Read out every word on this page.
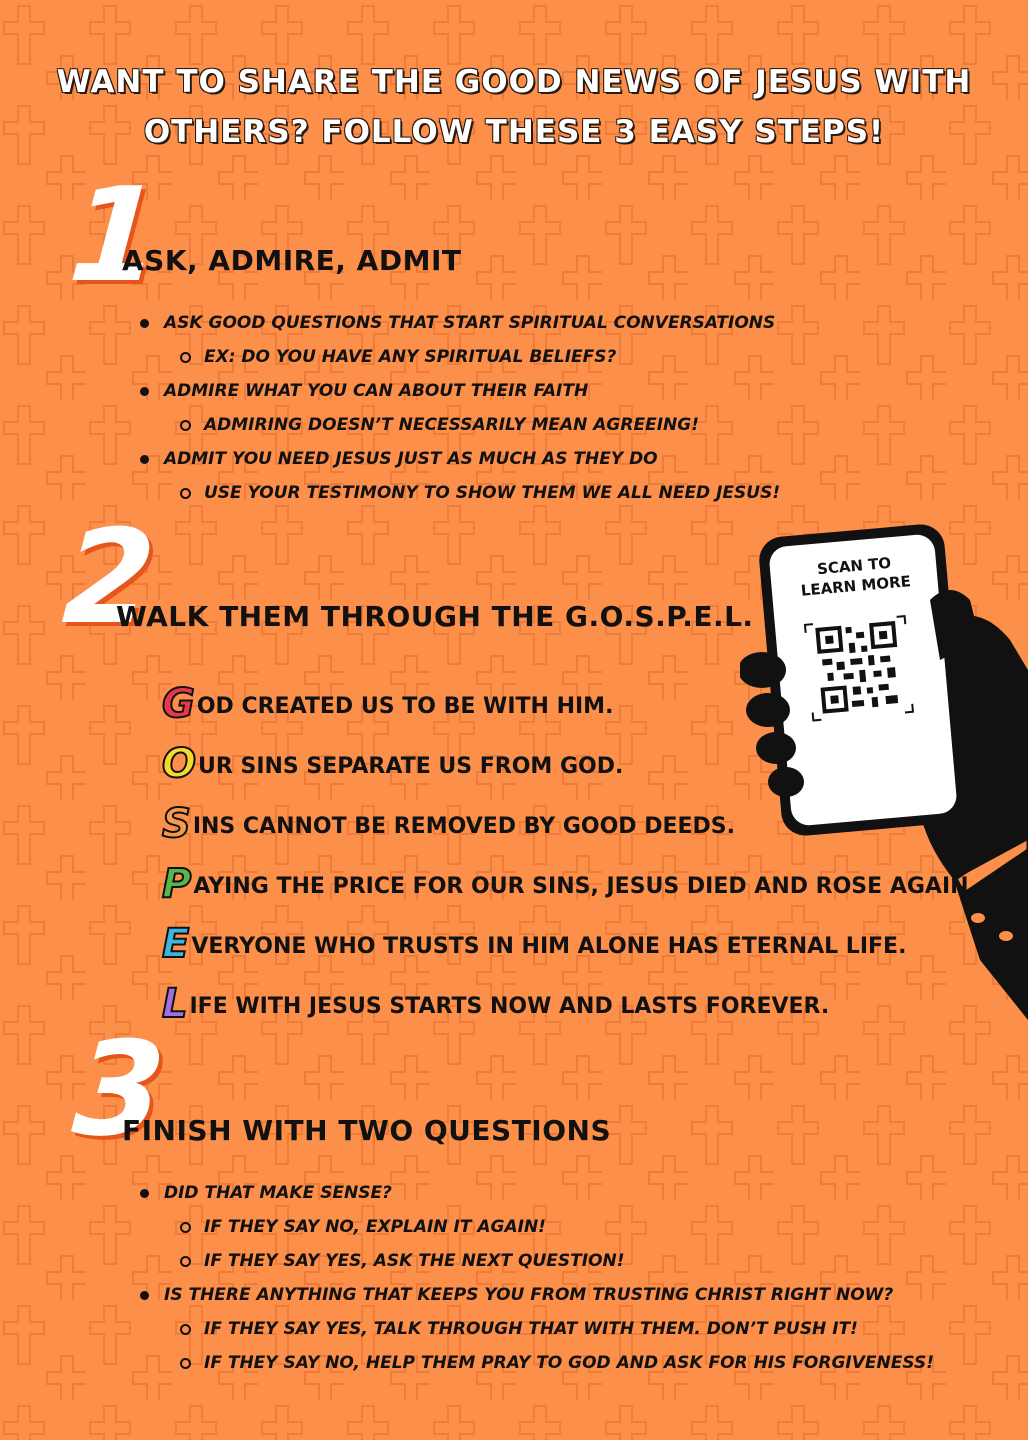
WANT TO SHARE THE GOOD NEWS OF JESUS WITH OTHERS? FOLLOW THESE 3 EASY STEPS!
1
ASK, ADMIRE, ADMIT
ASK GOOD QUESTIONS THAT START SPIRITUAL CONVERSATIONS
EX: DO YOU HAVE ANY SPIRITUAL BELIEFS?
ADMIRE WHAT YOU CAN ABOUT THEIR FAITH
ADMIRING DOESN’T NECESSARILY MEAN AGREEING!
ADMIT YOU NEED JESUS JUST AS MUCH AS THEY DO
USE YOUR TESTIMONY TO SHOW THEM WE ALL NEED JESUS!
2
WALK THEM THROUGH THE G.O.S.P.E.L.
G OD CREATED US TO BE WITH HIM.
O UR SINS SEPARATE US FROM GOD.
S INS CANNOT BE REMOVED BY GOOD DEEDS.
P AYING THE PRICE FOR OUR SINS, JESUS DIED AND ROSE AGAIN.
E VERYONE WHO TRUSTS IN HIM ALONE HAS ETERNAL LIFE.
L IFE WITH JESUS STARTS NOW AND LASTS FOREVER.
SCAN TO
LEARN MORE
3
FINISH WITH TWO QUESTIONS
DID THAT MAKE SENSE?
IF THEY SAY NO, EXPLAIN IT AGAIN!
IF THEY SAY YES, ASK THE NEXT QUESTION!
IS THERE ANYTHING THAT KEEPS YOU FROM TRUSTING CHRIST RIGHT NOW?
IF THEY SAY YES, TALK THROUGH THAT WITH THEM. DON’T PUSH IT!
IF THEY SAY NO, HELP THEM PRAY TO GOD AND ASK FOR HIS FORGIVENESS!
